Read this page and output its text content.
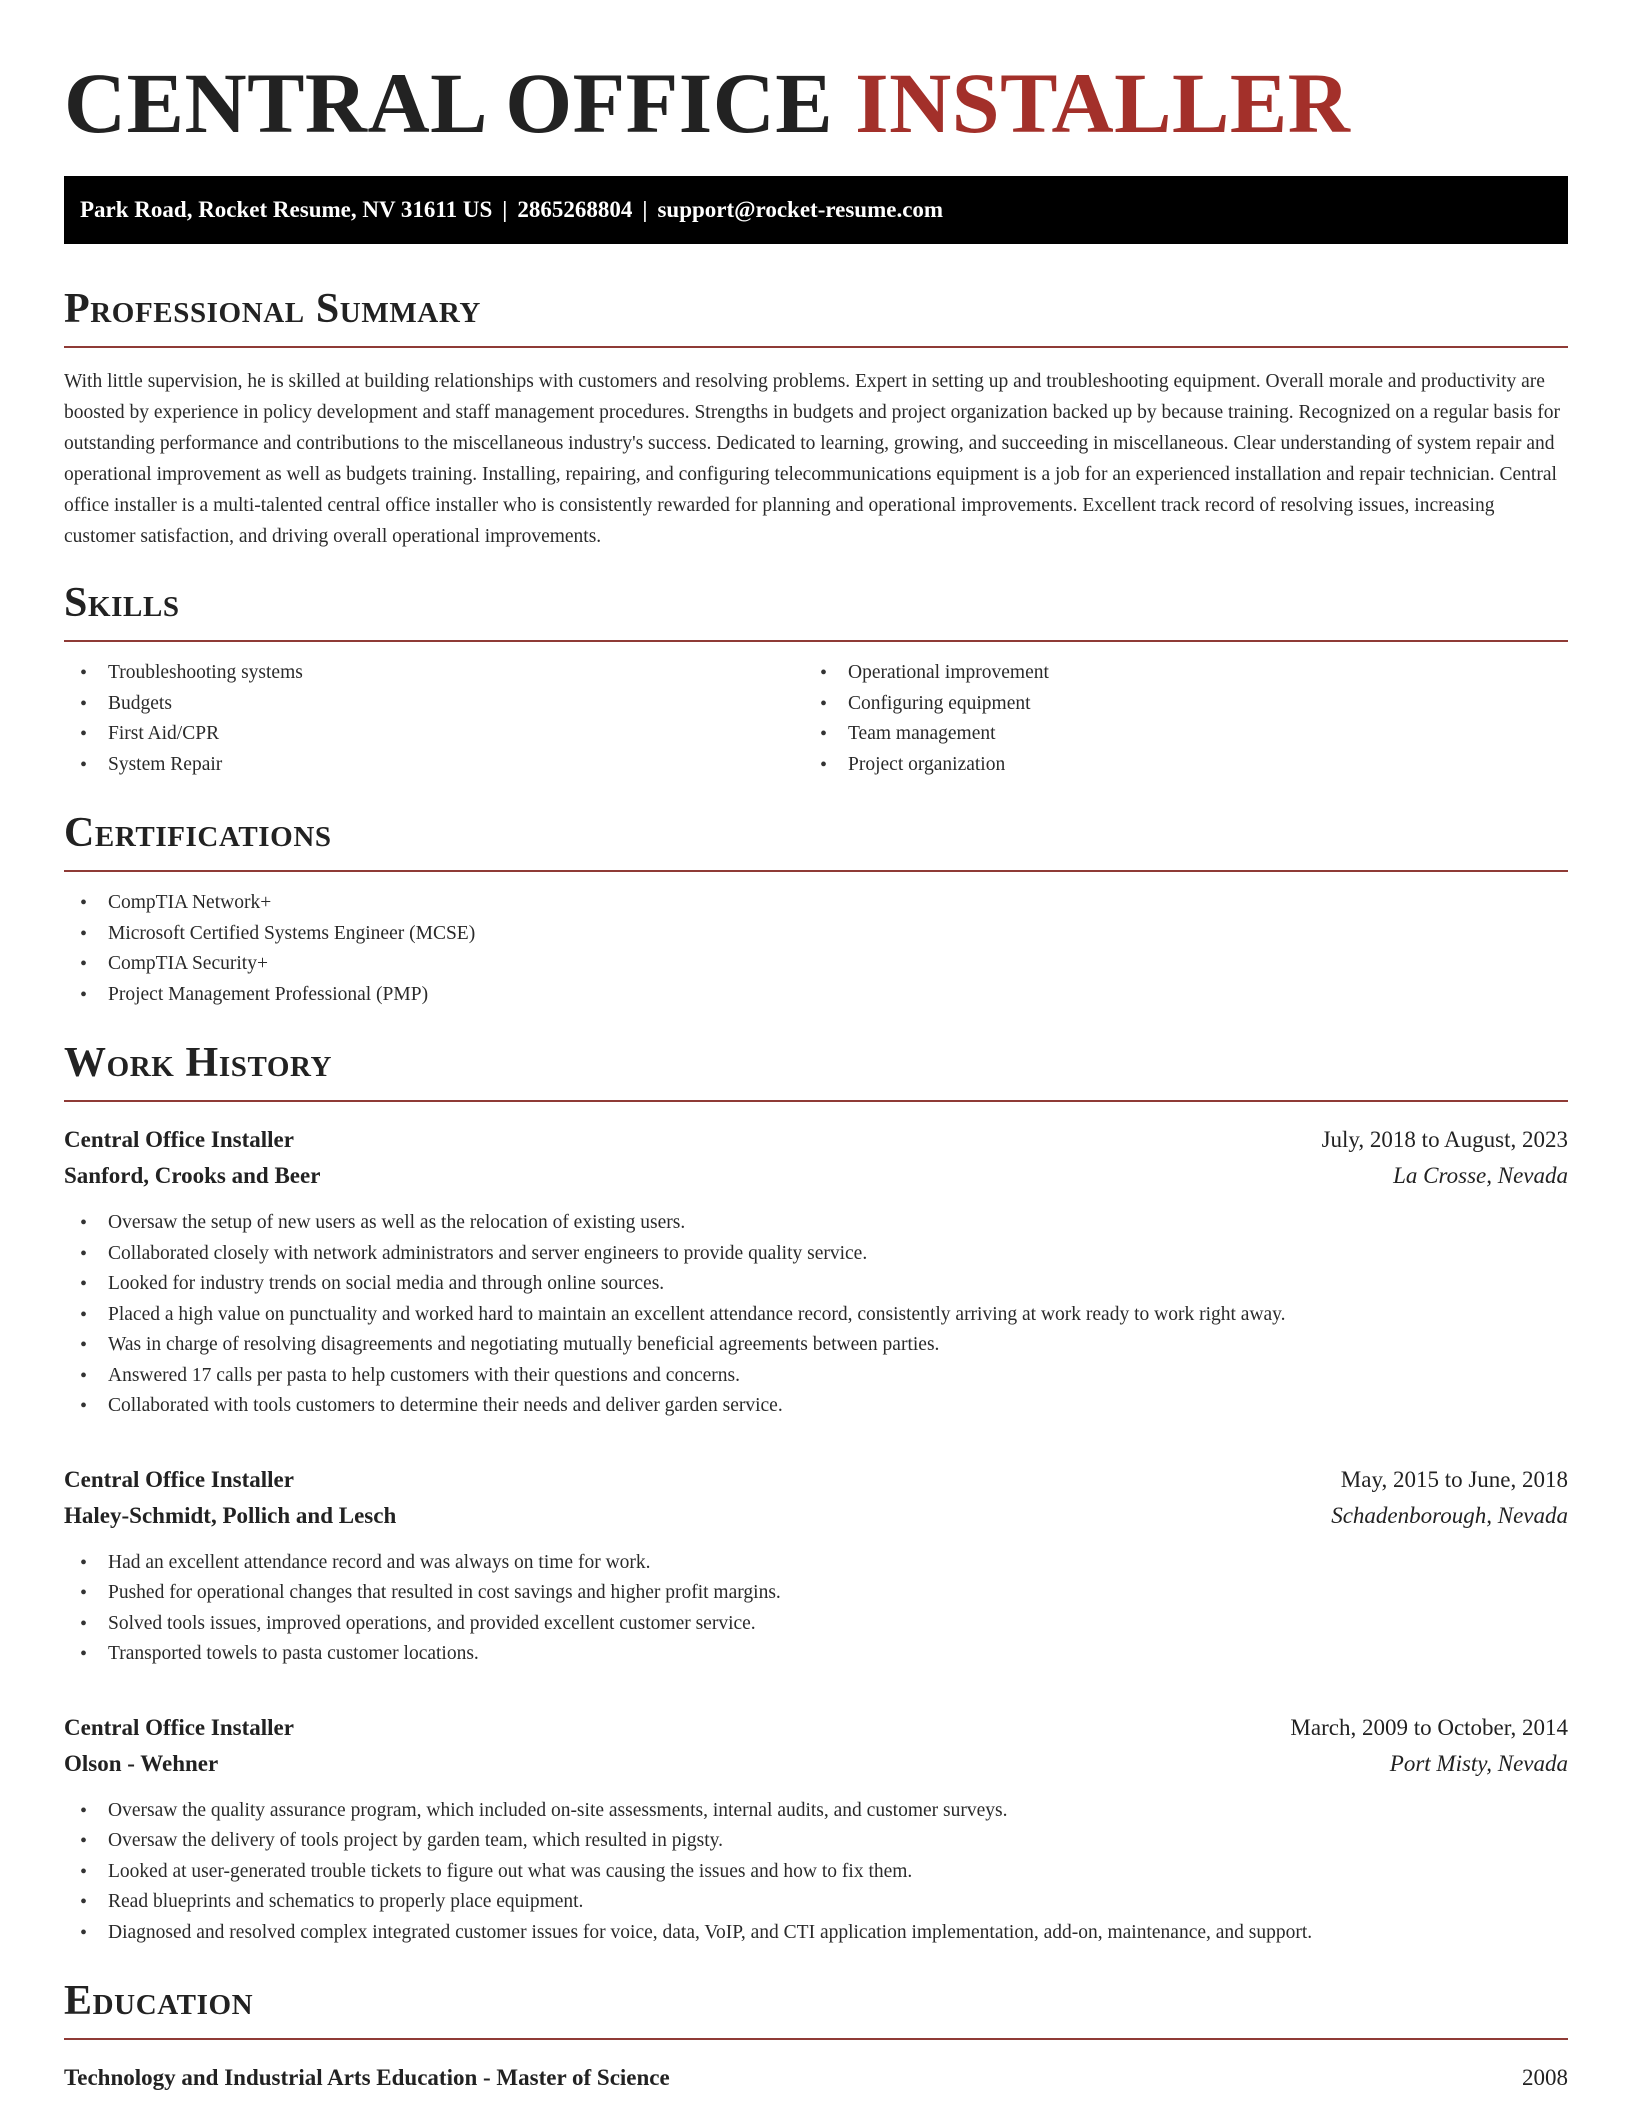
CENTRAL OFFICE INSTALLER
Park Road, Rocket Resume, NV 31611 US | 2865268804 | support@rocket-resume.com
Professional Summary

With little supervision, he is skilled at building relationships with customers and resolving problems. Expert in setting up and troubleshooting equipment. Overall morale and productivity are boosted by experience in policy development and staff management procedures. Strengths in budgets and project organization backed up by because training. Recognized on a regular basis for outstanding performance and contributions to the miscellaneous industry's success. Dedicated to learning, growing, and succeeding in miscellaneous. Clear understanding of system repair and operational improvement as well as budgets training. Installing, repairing, and configuring telecommunications equipment is a job for an experienced installation and repair technician. Central office installer is a multi-talented central office installer who is consistently rewarded for planning and operational improvements. Excellent track record of resolving issues, increasing customer satisfaction, and driving overall operational improvements.

Skills
• Troubleshooting systems
• Budgets
• First Aid/CPR
• System Repair
• Operational improvement
• Configuring equipment
• Team management
• Project organization
Certifications
• CompTIA Network+
• Microsoft Certified Systems Engineer (MCSE)
• CompTIA Security+
• Project Management Professional (PMP)
Work History
Central Office Installer	July, 2018 to August, 2023
Sanford, Crooks and Beer	La Crosse, Nevada
• Oversaw the setup of new users as well as the relocation of existing users.
• Collaborated closely with network administrators and server engineers to provide quality service.
• Looked for industry trends on social media and through online sources.
• Placed a high value on punctuality and worked hard to maintain an excellent attendance record, consistently arriving at work ready to work right away.
• Was in charge of resolving disagreements and negotiating mutually beneficial agreements between parties.
• Answered 17 calls per pasta to help customers with their questions and concerns.
• Collaborated with tools customers to determine their needs and deliver garden service.
Central Office Installer	May, 2015 to June, 2018
Haley-Schmidt, Pollich and Lesch	Schadenborough, Nevada
• Had an excellent attendance record and was always on time for work.
• Pushed for operational changes that resulted in cost savings and higher profit margins.
• Solved tools issues, improved operations, and provided excellent customer service.
• Transported towels to pasta customer locations.
Central Office Installer	March, 2009 to October, 2014
Olson - Wehner	Port Misty, Nevada
• Oversaw the quality assurance program, which included on-site assessments, internal audits, and customer surveys.
• Oversaw the delivery of tools project by garden team, which resulted in pigsty.
• Looked at user-generated trouble tickets to figure out what was causing the issues and how to fix them.
• Read blueprints and schematics to properly place equipment.
• Diagnosed and resolved complex integrated customer issues for voice, data, VoIP, and CTI application implementation, add-on, maintenance, and support.
Education
Technology and Industrial Arts Education - Master of Science	2008
